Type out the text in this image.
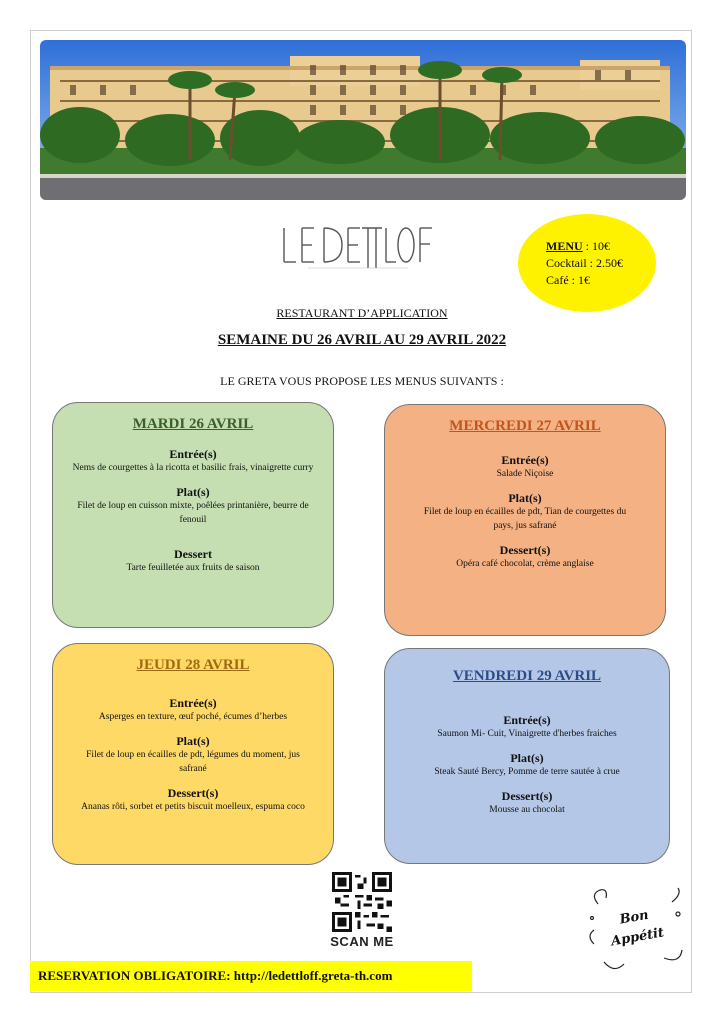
MENU : 10€
Cocktail : 2.50€
Café : 1€
RESTAURANT D’APPLICATION
SEMAINE DU 26 AVRIL AU 29 AVRIL 2022
LE GRETA VOUS PROPOSE LES MENUS SUIVANTS :
MARDI 26 AVRIL
Entrée(s)
Nems de courgettes à la ricotta et basilic frais, vinaigrette curry
Plat(s)
Filet de loup en cuisson mixte, poêlées printanière, beurre de fenouil
Dessert
Tarte feuilletée aux fruits de saison
MERCREDI 27 AVRIL
Entrée(s)
Salade Niçoise
Plat(s)
Filet de loup en écailles de pdt, Tian de courgettes du pays, jus safrané
Dessert(s)
Opéra café chocolat, crème anglaise
JEUDI 28 AVRIL
Entrée(s)
Asperges en texture, œuf poché, écumes d’herbes
Plat(s)
Filet de loup en écailles de pdt, légumes du moment, jus safrané
Dessert(s)
Ananas rôti, sorbet et petits biscuit moelleux, espuma coco
VENDREDI 29 AVRIL
Entrée(s)
Saumon Mi- Cuit, Vinaigrette d'herbes fraiches
Plat(s)
Steak Sauté Bercy, Pomme de terre sautée à crue
Dessert(s)
Mousse au chocolat
SCAN ME
RESERVATION OBLIGATOIRE: http://ledettloff.greta-th.com
Bon
Appétit
